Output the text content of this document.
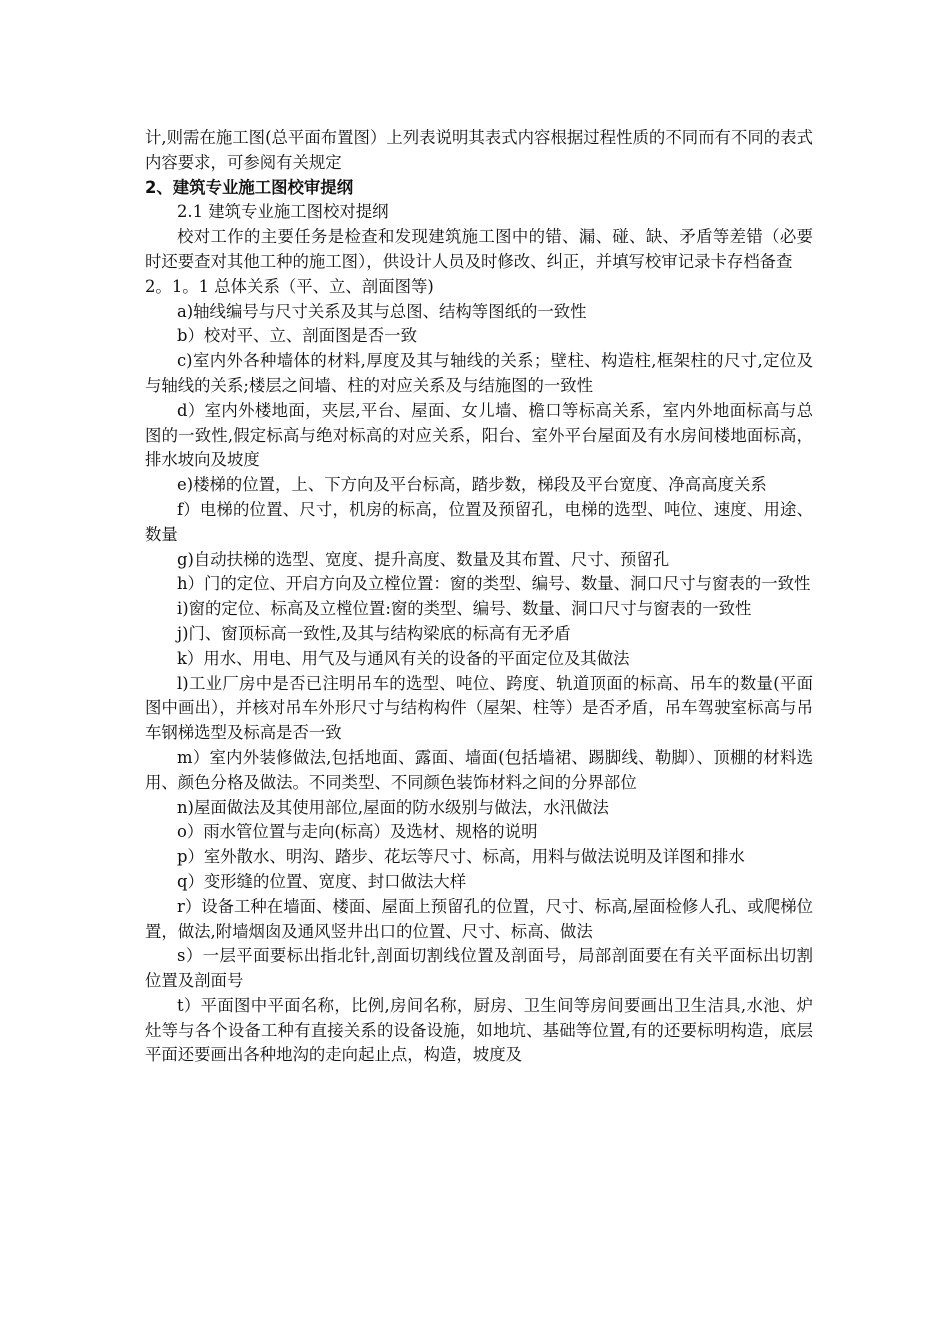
计,则需在施工图(总平面布置图）上列表说明其表式内容根据过程性质的不同而有不同的表式内容要求，可参阅有关规定

2、建筑专业施工图校审提纲

2.1 建筑专业施工图校对提纲

校对工作的主要任务是检查和发现建筑施工图中的错、漏、碰、缺、矛盾等差错（必要时还要查对其他工种的施工图），供设计人员及时修改、纠正，并填写校审记录卡存档备查

2。1。1 总体关系（平、立、剖面图等)

a)轴线编号与尺寸关系及其与总图、结构等图纸的一致性

b）校对平、立、剖面图是否一致

c)室内外各种墙体的材料,厚度及其与轴线的关系；壁柱、构造柱,框架柱的尺寸,定位及与轴线的关系;楼层之间墙、柱的对应关系及与结施图的一致性

d）室内外楼地面，夹层,平台、屋面、女儿墙、檐口等标高关系，室内外地面标高与总图的一致性,假定标高与绝对标高的对应关系，阳台、室外平台屋面及有水房间楼地面标高，排水坡向及坡度

e)楼梯的位置，上、下方向及平台标高，踏步数，梯段及平台宽度、净高高度关系

f）电梯的位置、尺寸，机房的标高，位置及预留孔，电梯的选型、吨位、速度、用途、数量

g)自动扶梯的选型、宽度、提升高度、数量及其布置、尺寸、预留孔

h）门的定位、开启方向及立樘位置：窗的类型、编号、数量、洞口尺寸与窗表的一致性

i)窗的定位、标高及立樘位置:窗的类型、编号、数量、洞口尺寸与窗表的一致性

j)门、窗顶标高一致性,及其与结构梁底的标高有无矛盾

k）用水、用电、用气及与通风有关的设备的平面定位及其做法

l)工业厂房中是否已注明吊车的选型、吨位、跨度、轨道顶面的标高、吊车的数量(平面图中画出），并核对吊车外形尺寸与结构构件（屋架、柱等）是否矛盾，吊车驾驶室标高与吊车钢梯选型及标高是否一致

m）室内外装修做法,包括地面、露面、墙面(包括墙裙、踢脚线、勒脚）、顶棚的材料选用、颜色分格及做法。不同类型、不同颜色装饰材料之间的分界部位

n)屋面做法及其使用部位,屋面的防水级别与做法，水汛做法

o）雨水管位置与走向(标高）及选材、规格的说明

p）室外散水、明沟、踏步、花坛等尺寸、标高，用料与做法说明及详图和排水

q）变形缝的位置、宽度、封口做法大样

r）设备工种在墙面、楼面、屋面上预留孔的位置，尺寸、标高,屋面检修人孔、或爬梯位置，做法,附墙烟囱及通风竖井出口的位置、尺寸、标高、做法

s）一层平面要标出指北针,剖面切割线位置及剖面号，局部剖面要在有关平面标出切割位置及剖面号

t）平面图中平面名称，比例,房间名称，厨房、卫生间等房间要画出卫生洁具,水池、炉灶等与各个设备工种有直接关系的设备设施，如地坑、基础等位置,有的还要标明构造，底层平面还要画出各种地沟的走向起止点，构造，坡度及
